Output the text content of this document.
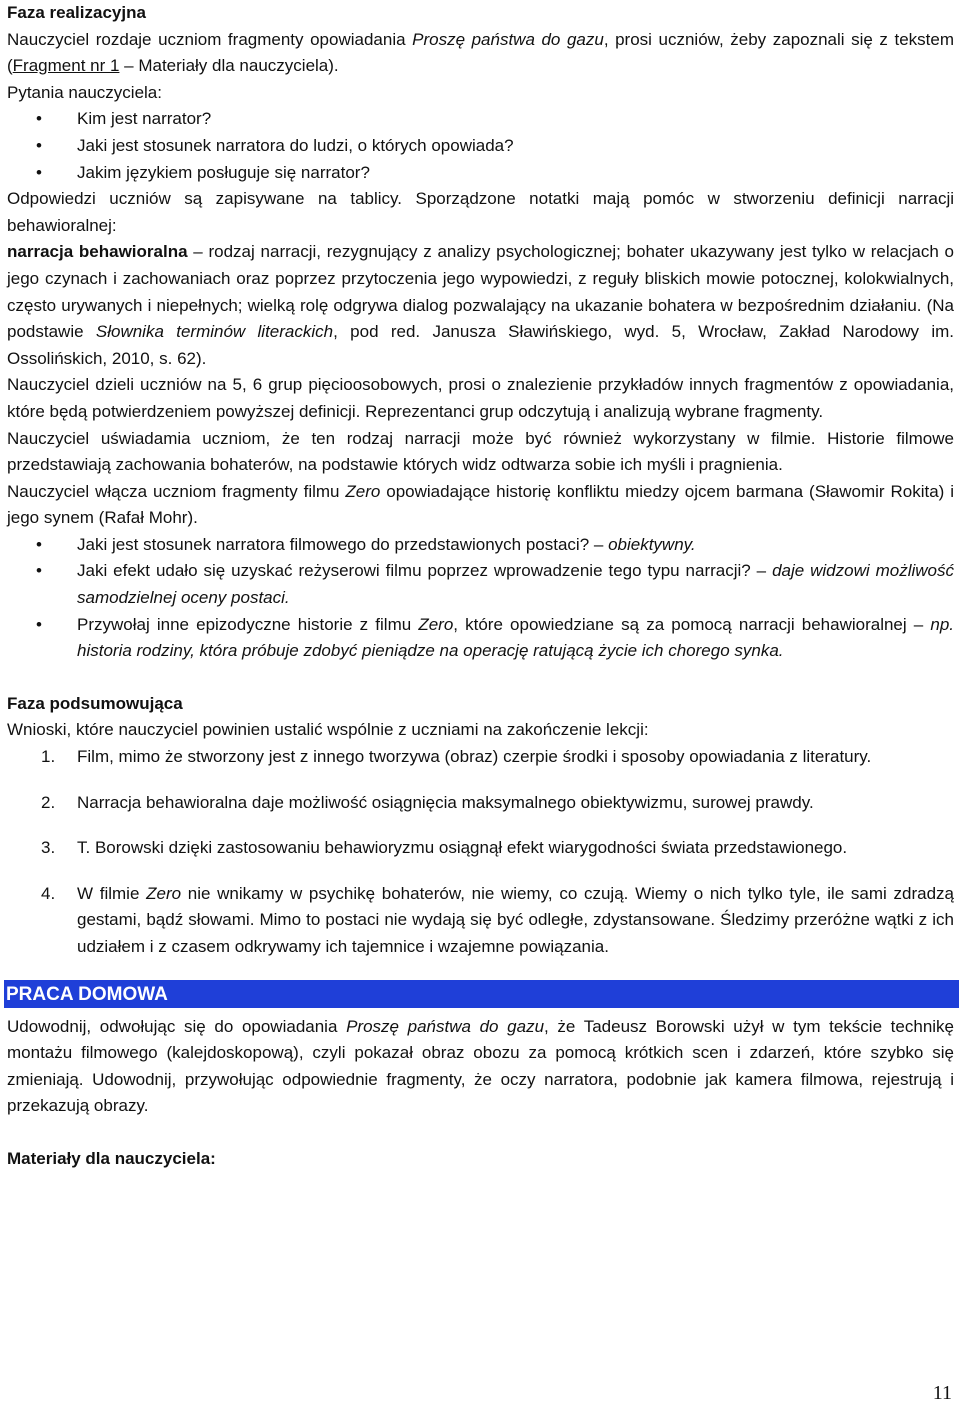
Faza realizacyjna

Nauczyciel rozdaje uczniom fragmenty opowiadania Proszę państwa do gazu, prosi uczniów, żeby zapoznali się z tekstem (Fragment nr 1 – Materiały dla nauczyciela).

Pytania nauczyciela:

• Kim jest narrator?
• Jaki jest stosunek narratora do ludzi, o których opowiada?
• Jakim językiem posługuje się narrator?

Odpowiedzi uczniów są zapisywane na tablicy. Sporządzone notatki mają pomóc w stworzeniu definicji narracji behawioralnej:

narracja behawioralna – rodzaj narracji, rezygnujący z analizy psychologicznej; bohater ukazywany jest tylko w relacjach o jego czynach i zachowaniach oraz poprzez przytoczenia jego wypowiedzi, z reguły bliskich mowie potocznej, kolokwialnych, często urywanych i niepełnych; wielką rolę odgrywa dialog pozwalający na ukazanie bohatera w bezpośrednim działaniu. (Na podstawie Słownika terminów literackich, pod red. Janusza Sławińskiego, wyd. 5, Wrocław, Zakład Narodowy im. Ossolińskich, 2010, s. 62).

Nauczyciel dzieli uczniów na 5, 6 grup pięcioosobowych, prosi o znalezienie przykładów innych fragmentów z opowiadania, które będą potwierdzeniem powyższej definicji. Reprezentanci grup odczytują i analizują wybrane fragmenty.

Nauczyciel uświadamia uczniom, że ten rodzaj narracji może być również wykorzystany w filmie. Historie filmowe przedstawiają zachowania bohaterów, na podstawie których widz odtwarza sobie ich myśli i pragnienia.

Nauczyciel włącza uczniom fragmenty filmu Zero opowiadające historię konfliktu miedzy ojcem barmana (Sławomir Rokita) i jego synem (Rafał Mohr).

• Jaki jest stosunek narratora filmowego do przedstawionych postaci? – obiektywny.
• Jaki efekt udało się uzyskać reżyserowi filmu poprzez wprowadzenie tego typu narracji? – daje widzowi możliwość samodzielnej oceny postaci.
• Przywołaj inne epizodyczne historie z filmu Zero, które opowiedziane są za pomocą narracji behawioralnej – np. historia rodziny, która próbuje zdobyć pieniądze na operację ratującą życie ich chorego synka.

Faza podsumowująca

Wnioski, które nauczyciel powinien ustalić wspólnie z uczniami na zakończenie lekcji:

1. Film, mimo że stworzony jest z innego tworzywa (obraz) czerpie środki i sposoby opowiadania z literatury.
2. Narracja behawioralna daje możliwość osiągnięcia maksymalnego obiektywizmu, surowej prawdy.
3. T. Borowski dzięki zastosowaniu behawioryzmu osiągnął efekt wiarygodności świata przedstawionego.
4. W filmie Zero nie wnikamy w psychikę bohaterów, nie wiemy, co czują. Wiemy o nich tylko tyle, ile sami zdradzą gestami, bądź słowami. Mimo to postaci nie wydają się być odległe, zdystansowane. Śledzimy przeróżne wątki z ich udziałem i z czasem odkrywamy ich tajemnice i wzajemne powiązania.
PRACA DOMOWA

Udowodnij, odwołując się do opowiadania Proszę państwa do gazu, że Tadeusz Borowski użył w tym tekście technikę montażu filmowego (kalejdoskopową), czyli pokazał obraz obozu za pomocą krótkich scen i zdarzeń, które szybko się zmieniają. Udowodnij, przywołując odpowiednie fragmenty, że oczy narratora, podobnie jak kamera filmowa, rejestrują i przekazują obrazy.

Materiały dla nauczyciela:

11
